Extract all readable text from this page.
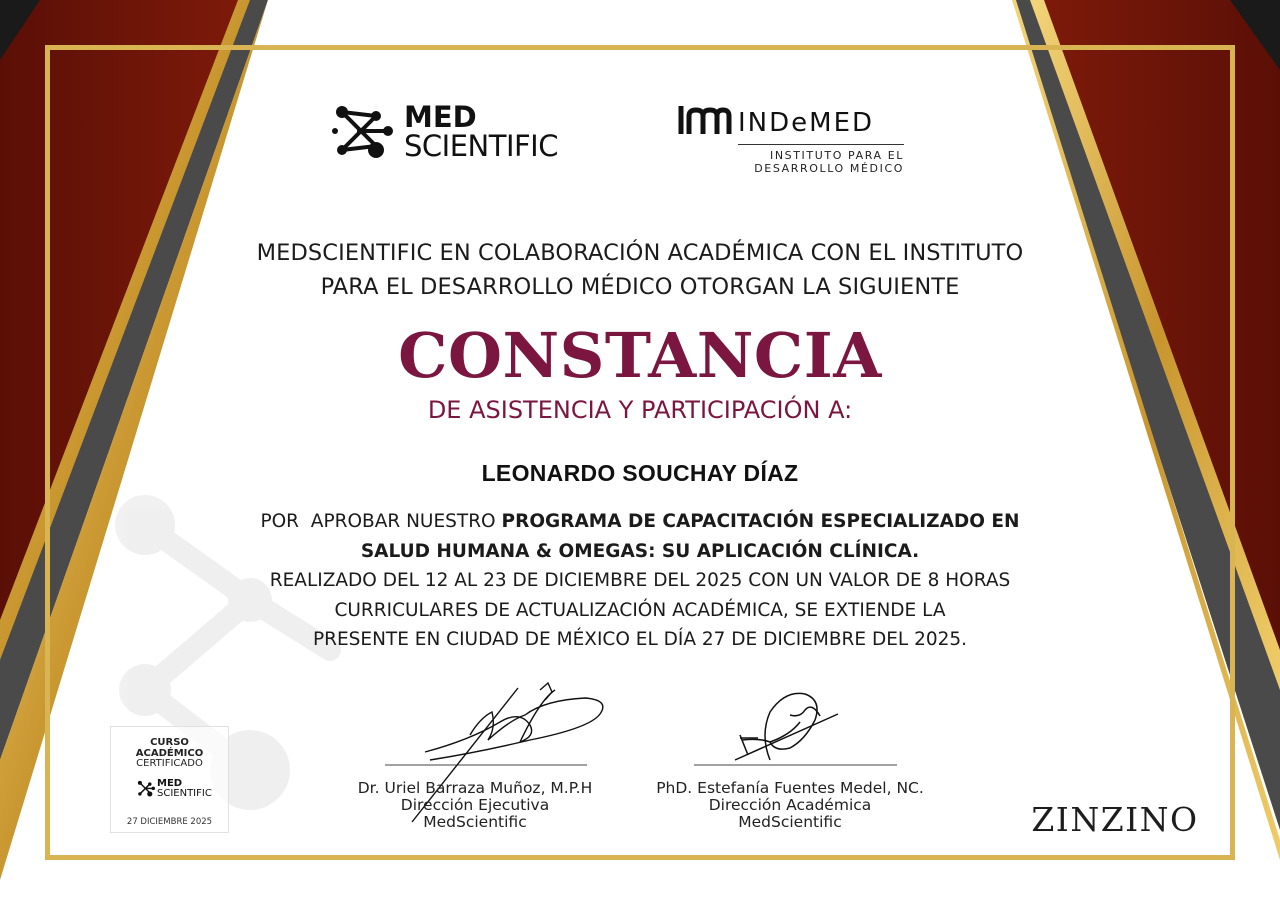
MED
SCIENTIFIC
INDeMED
INSTITUTO PARA EL
DESARROLLO MÉDICO
MEDSCIENTIFIC EN COLABORACIÓN ACADÉMICA CON EL INSTITUTO
PARA EL DESARROLLO MÉDICO OTORGAN LA SIGUIENTE
CONSTANCIA
DE ASISTENCIA Y PARTICIPACIÓN A:
LEONARDO SOUCHAY DÍAZ
POR  APROBAR NUESTRO PROGRAMA DE CAPACITACIÓN ESPECIALIZADO EN
SALUD HUMANA & OMEGAS: SU APLICACIÓN CLÍNICA.
REALIZADO DEL 12 AL 23 DE DICIEMBRE DEL 2025 CON UN VALOR DE 8 HORAS
CURRICULARES DE ACTUALIZACIÓN ACADÉMICA, SE EXTIENDE LA
PRESENTE EN CIUDAD DE MÉXICO EL DÍA 27 DE DICIEMBRE DEL 2025.
Dr. Uriel Barraza Muñoz, M.P.H
Dirección Ejecutiva
MedScientific
PhD. Estefanía Fuentes Medel, NC.
Dirección Académica
MedScientific
CURSO
ACADÉMICO
CERTIFICADO
MED
SCIENTIFIC
27 DICIEMBRE 2025	ZINZINO
